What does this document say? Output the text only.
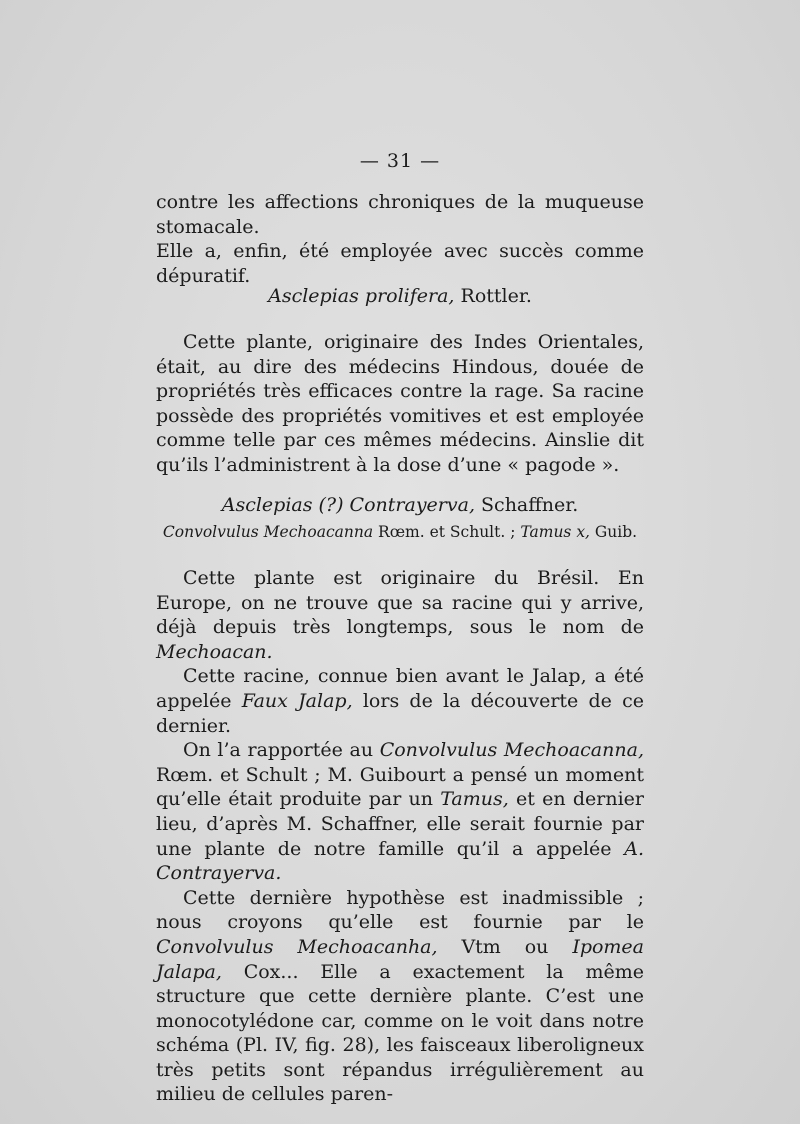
— 31 —

contre les affections chroniques de la muqueuse stomacale.

Elle a, enfin, été employée avec succès comme dépuratif.

Asclepias prolifera, Rottler.

Cette plante, originaire des Indes Orientales, était, au dire des médecins Hindous, douée de propriétés très efficaces contre la rage. Sa racine possède des propriétés vomitives et est employée comme telle par ces mêmes médecins. Ainslie dit qu’ils l’administrent à la dose d’une « pagode ».

Asclepias (?) Contrayerva, Schaffner.
Convolvulus Mechoacanna Rœm. et Schult. ; Tamus x, Guib.

Cette plante est originaire du Brésil. En Europe, on ne trouve que sa racine qui y arrive, déjà depuis très longtemps, sous le nom de Mechoacan.

Cette racine, connue bien avant le Jalap, a été appelée Faux Jalap, lors de la découverte de ce dernier.

On l’a rapportée au Convolvulus Mechoacanna, Rœm. et Schult ; M. Guibourt a pensé un moment qu’elle était produite par un Tamus, et en dernier lieu, d’après M. Schaffner, elle serait fournie par une plante de notre famille qu’il a appelée A. Contrayerva.

Cette dernière hypothèse est inadmissible ; nous croyons qu’elle est fournie par le Convolvulus Mechoacanha, Vtm ou Ipomea Jalapa, Cox... Elle a exactement la même structure que cette dernière plante. C’est une monocotylédone car, comme on le voit dans notre schéma (Pl. IV, fig. 28), les faisceaux liberoligneux très petits sont répandus irrégulièrement au milieu de cellules paren-
